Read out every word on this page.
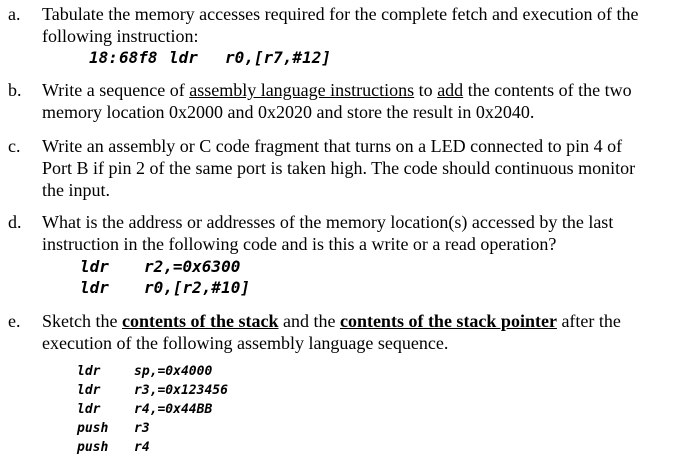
a. Tabulate the memory accesses required for the complete fetch and execution of the
following instruction:
18:68f8 ldr r0,[r7,#12]
b. Write a sequence of assembly language instructions to add the contents of the two
memory location 0x2000 and 0x2020 and store the result in 0x2040.
c. Write an assembly or C code fragment that turns on a LED connected to pin 4 of
Port B if pin 2 of the same port is taken high. The code should continuous monitor
the input.
d. What is the address or addresses of the memory location(s) accessed by the last
instruction in the following code and is this a write or a read operation?
ldr r2,=0x6300
ldr r0,[r2,#10]
e. Sketch the contents of the stack and the contents of the stack pointer after the
execution of the following assembly language sequence.
ldr	sp,=0x4000
ldr	r3,=0x123456
ldr	r4,=0x44BB
push r3
push r4
